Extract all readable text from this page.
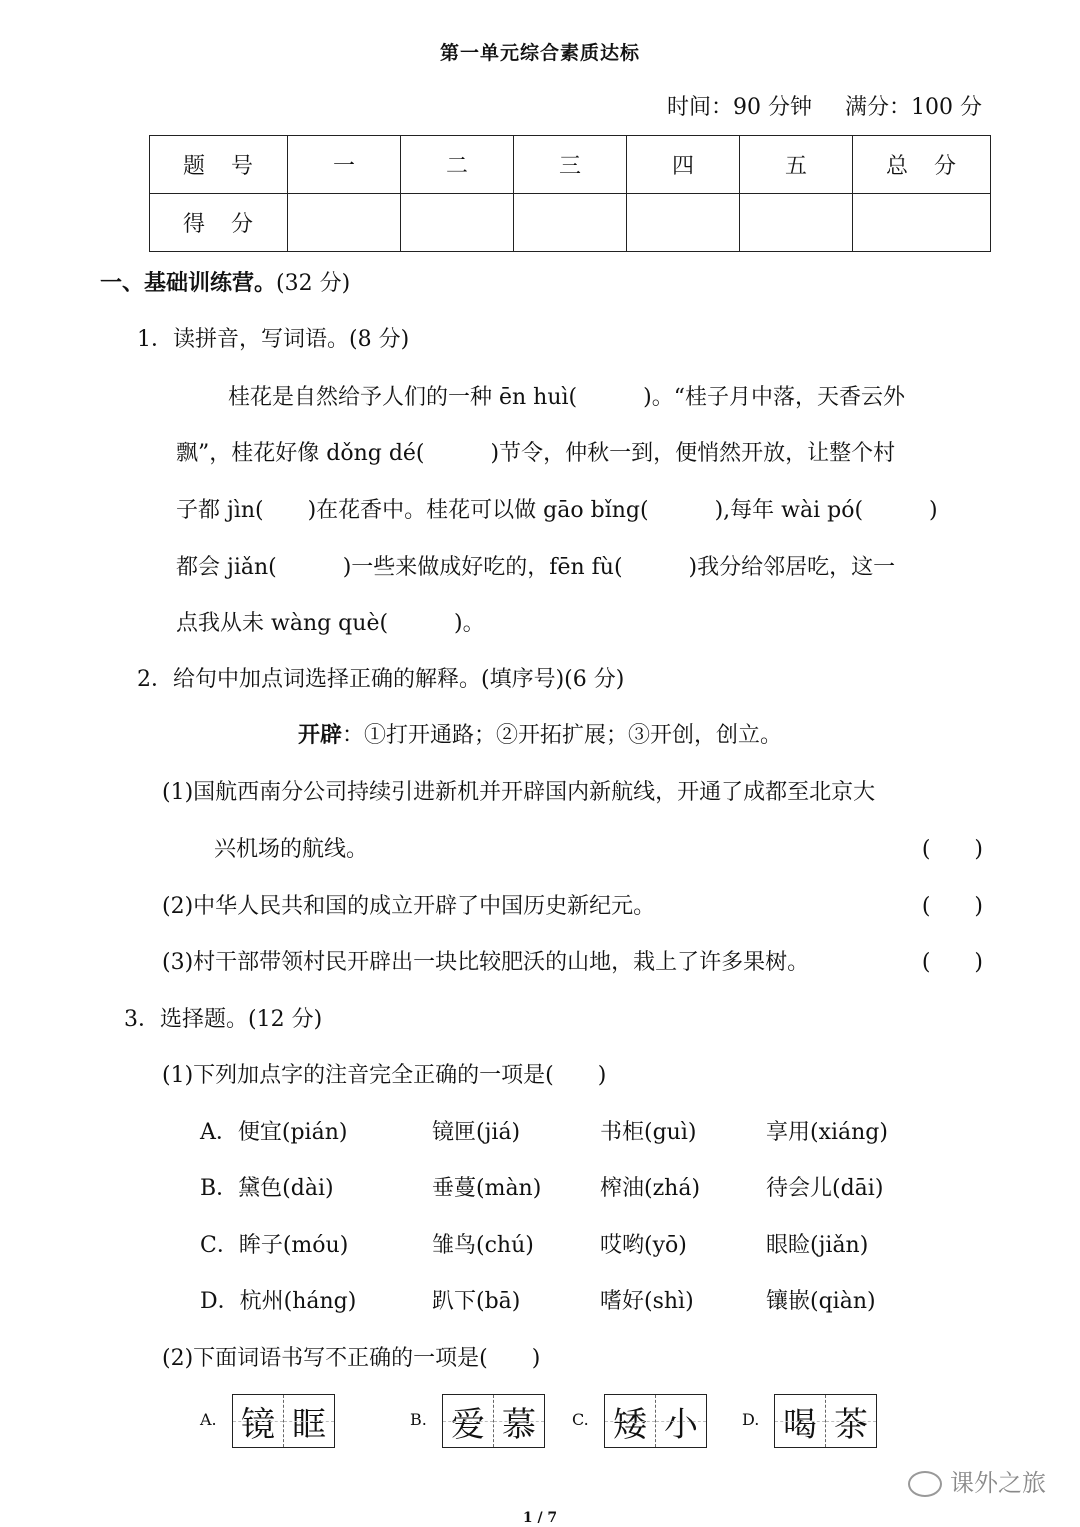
第一单元综合素质达标
时间：90 分钟 满分：100 分
题号	一	二	三	四	五	总分
得分						
一、基础训练营。(32 分)
1．读拼音，写词语。(8 分)
桂花是自然给予人们的一种 ēn huì(　　　)。“桂子月中落，天香云外
飘”，桂花好像 dǒng dé(　　　)节令，仲秋一到，便悄然开放，让整个村
子都 jìn(　　)在花香中。桂花可以做 gāo bǐng(　　　),每年 wài pó(　　　)
都会 jiǎn(　　　)一些来做成好吃的，fēn fù(　　　)我分给邻居吃，这一
点我从未 wàng què(　　　)。
2．给句中加点词选择正确的解释。(填序号)(6 分)
开辟：①打开通路；②开拓扩展；③开创，创立。
(1)国航西南分公司持续引进新机并开辟国内新航线，开通了成都至北京大
兴机场的航线。	(　　)
(2)中华人民共和国的成立开辟了中国历史新纪元。	(　　)
(3)村干部带领村民开辟出一块比较肥沃的山地，栽上了许多果树。	(　　)
3．选择题。(12 分)
(1)下列加点字的注音完全正确的一项是(　　)
A．便宜(pián)	镜匣(jiá)	书柜(guì)	享用(xiáng)
B．黛色(dài)	垂蔓(màn)	榨油(zhá)	待会儿(dāi)
C．眸子(móu)	雏鸟(chú)	哎哟(yō)	眼睑(jiǎn)
D．杭州(háng)	趴下(bā)	嗜好(shì)	镶嵌(qiàn)
(2)下面词语书写不正确的一项是(　　)
A. 镜 眶	B. 爱 慕	C. 矮 小	D. 喝 茶
课外之旅
1 / 7
